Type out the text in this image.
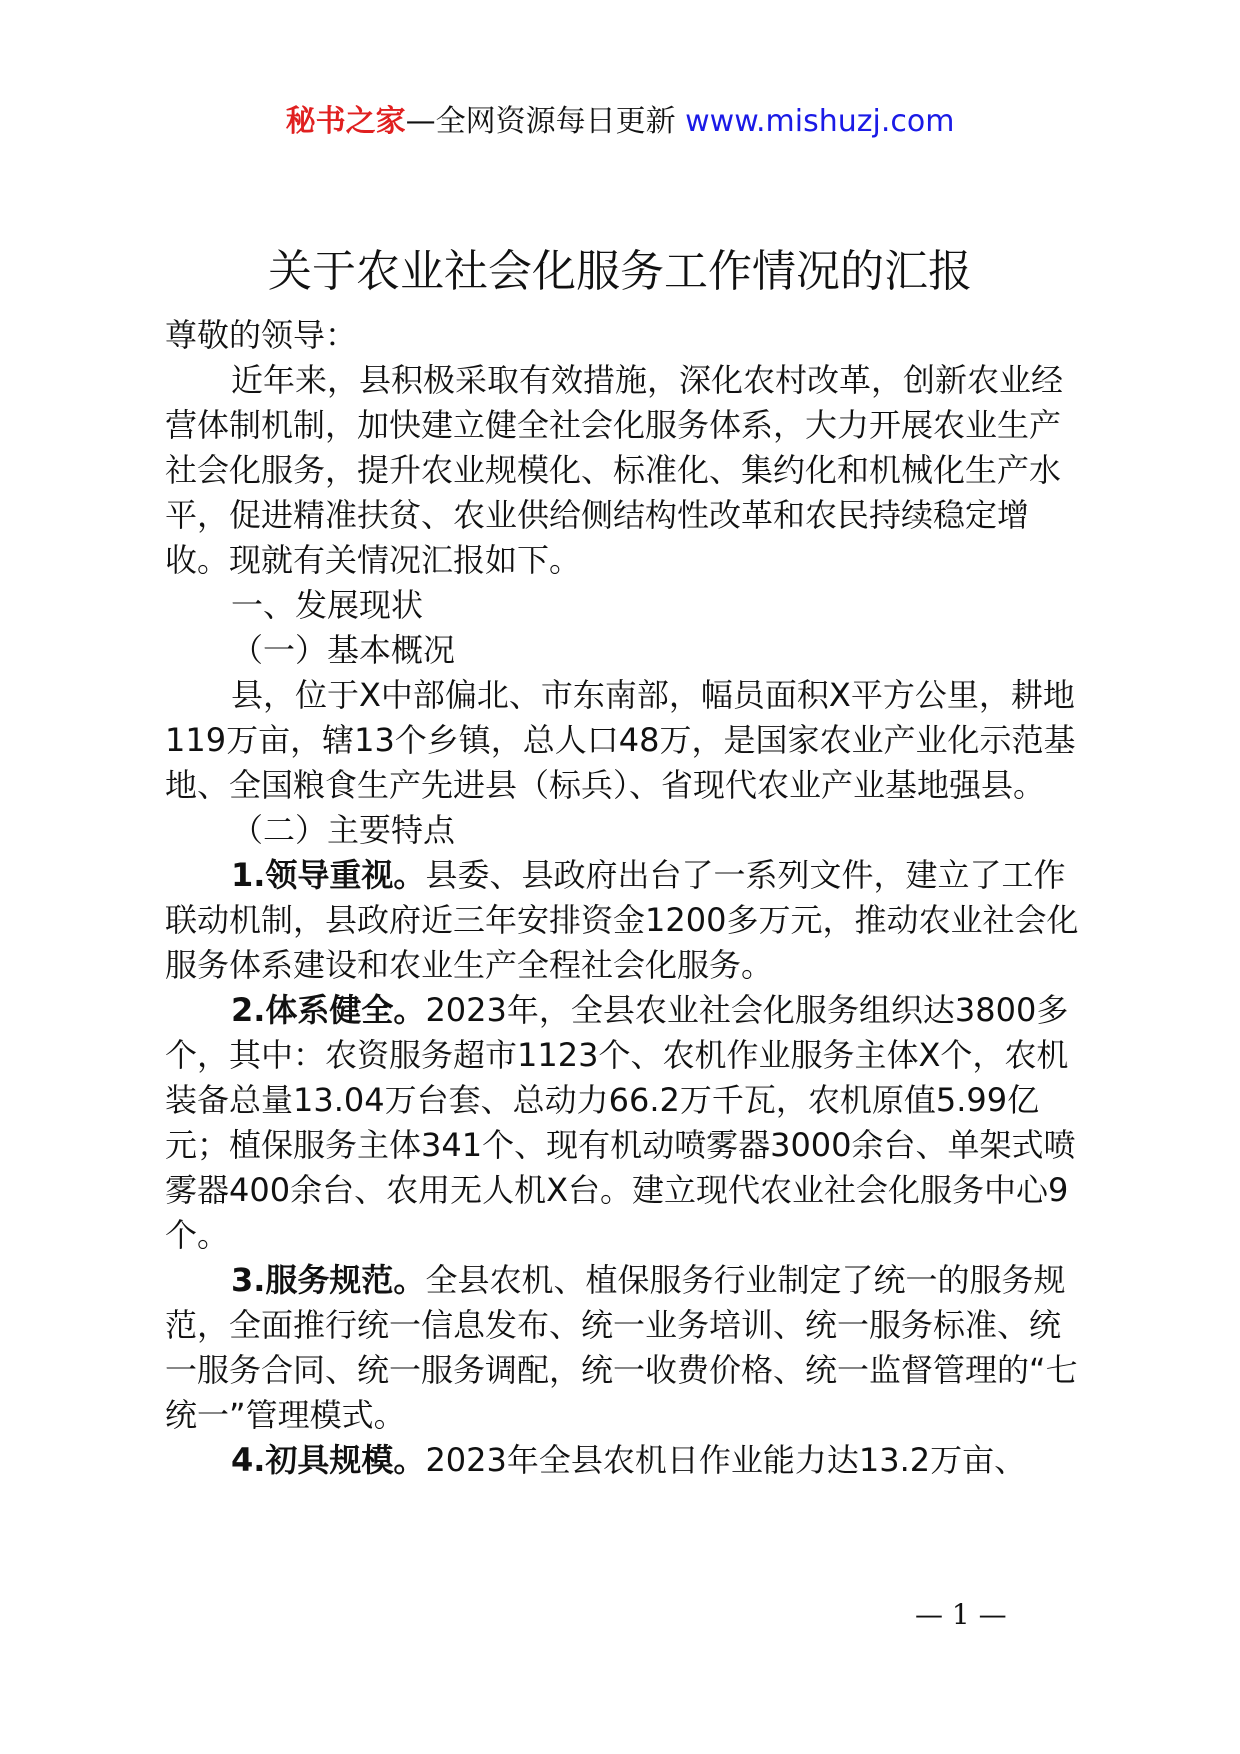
秘书之家—全网资源每日更新 www.mishuzj.com
关于农业社会化服务工作情况的汇报

尊敬的领导：

近年来，县积极采取有效措施，深化农村改革，创新农业经营体制机制，加快建立健全社会化服务体系，大力开展农业生产社会化服务，提升农业规模化、标准化、集约化和机械化生产水平，促进精准扶贫、农业供给侧结构性改革和农民持续稳定增收。现就有关情况汇报如下。

一、发展现状

（一）基本概况

县，位于X中部偏北、市东南部，幅员面积X平方公里，耕地119万亩，辖13个乡镇，总人口48万，是国家农业产业化示范基地、全国粮食生产先进县（标兵）、省现代农业产业基地强县。

（二）主要特点

1.领导重视。县委、县政府出台了一系列文件，建立了工作联动机制，县政府近三年安排资金1200多万元，推动农业社会化服务体系建设和农业生产全程社会化服务。

2.体系健全。2023年，全县农业社会化服务组织达3800多个，其中：农资服务超市1123个、农机作业服务主体X个，农机装备总量13.04万台套、总动力66.2万千瓦，农机原值5.99亿元；植保服务主体341个、现有机动喷雾器3000余台、单架式喷雾器400余台、农用无人机X台。建立现代农业社会化服务中心9个。

3.服务规范。全县农机、植保服务行业制定了统一的服务规范，全面推行统一信息发布、统一业务培训、统一服务标准、统一服务合同、统一服务调配，统一收费价格、统一监督管理的“七统一”管理模式。

4.初具规模。2023年全县农机日作业能力达13.2万亩、

— 1 —
